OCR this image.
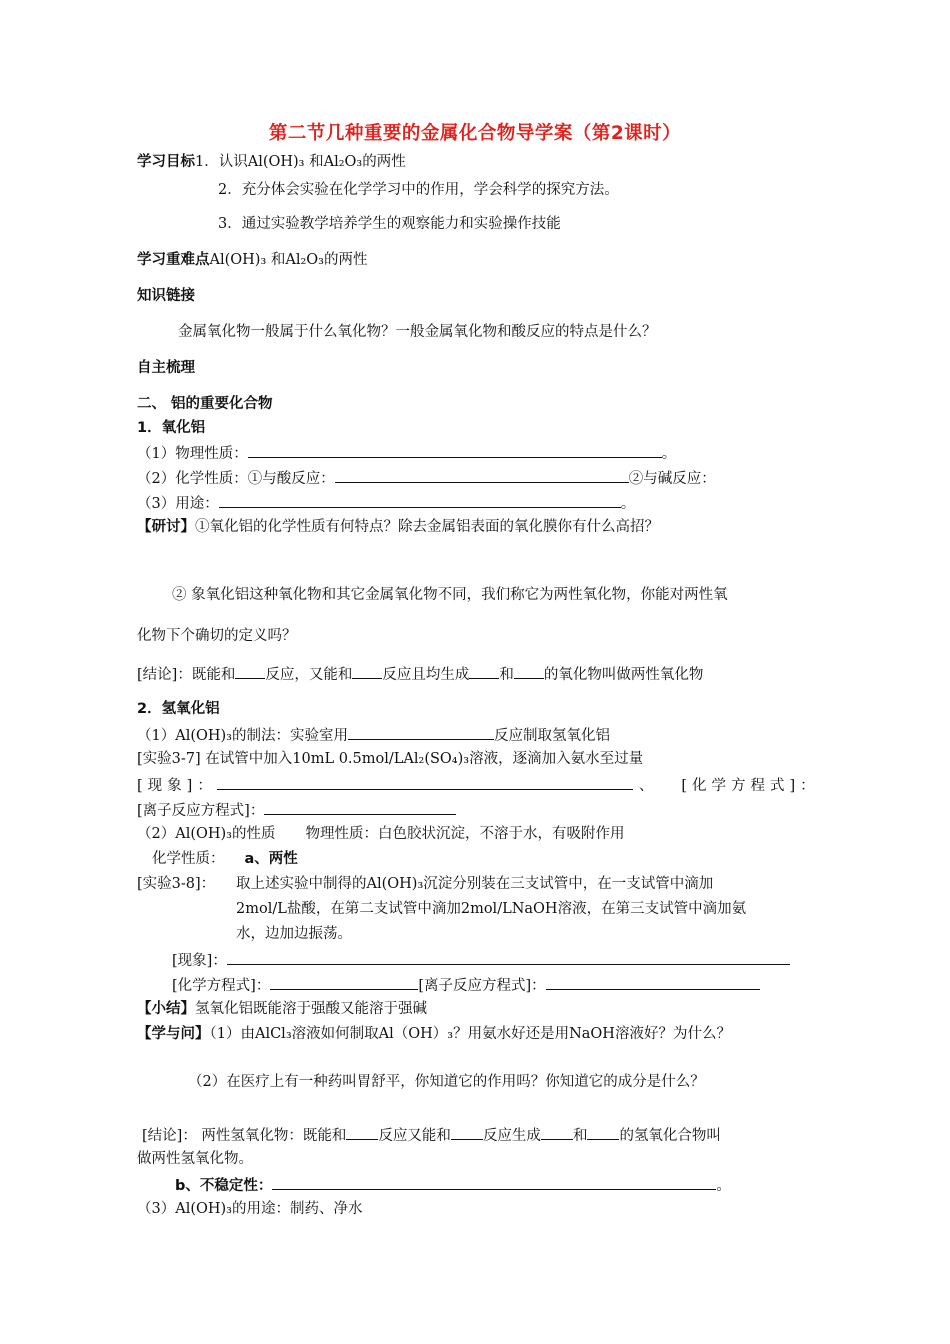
第二节几种重要的金属化合物导学案（第2课时）
学习目标1．认识Al(OH)₃ 和Al₂O₃的两性
2．充分体会实验在化学学习中的作用，学会科学的探究方法。
3．通过实验教学培养学生的观察能力和实验操作技能
学习重难点Al(OH)₃ 和Al₂O₃的两性
知识链接
金属氧化物一般属于什么氧化物？一般金属氧化物和酸反应的特点是什么？
自主梳理
二、 铝的重要化合物
1．氧化铝
（1）物理性质：	。
（2）化学性质：①与酸反应：	②与碱反应：
（3）用途：	。
【研讨】①氧化铝的化学性质有何特点？除去金属铝表面的氧化膜你有什么高招？
② 象氧化铝这种氧化物和其它金属氧化物不同，我们称它为两性氧化物，你能对两性氧
化物下个确切的定义吗？
[结论]：既能和 反应，又能和 反应且均生成 和 的氧化物叫做两性氧化物
2．氢氧化铝
（1）Al(OH)₃的制法：实验室用	反应制取氢氧化铝
[实验3-7] 在试管中加入10mL 0.5mol/LAl₂(SO₄)₃溶液，逐滴加入氨水至过量
[现象]：	、 [化学方程式]：
[离子反应方程式]：
（2）Al(OH)₃的性质 物理性质：白色胶状沉淀，不溶于水，有吸附作用
化学性质： a、两性
[实验3-8]： 取上述实验中制得的Al(OH)₃沉淀分别装在三支试管中，在一支试管中滴加
2mol/L盐酸，在第二支试管中滴加2mol/LNaOH溶液，在第三支试管中滴加氨
水，边加边振荡。
[现象]：
[化学方程式]：	[离子反应方程式]：
【小结】氢氧化铝既能溶于强酸又能溶于强碱
【学与问】（1）由AlCl₃溶液如何制取Al（OH）₃？用氨水好还是用NaOH溶液好？为什么？
（2）在医疗上有一种药叫胃舒平，你知道它的作用吗？你知道它的成分是什么？
[结论]： 两性氢氧化物：既能和 反应又能和 反应生成 和 的氢氧化合物叫
做两性氢氧化物。
b、不稳定性：	。
（3）Al(OH)₃的用途：制药、净水
